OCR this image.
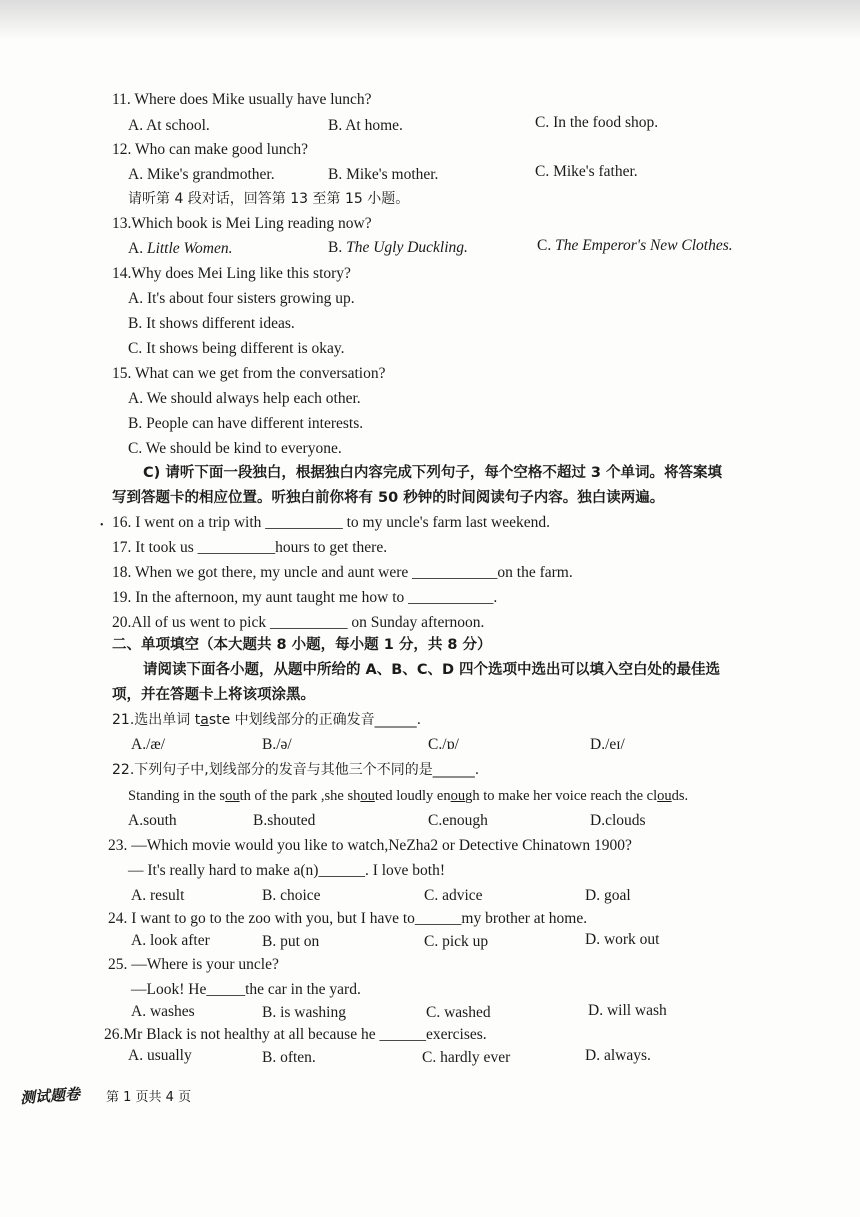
11. Where does Mike usually have lunch?
A. At school.	B. At home.	C. In the food shop.
12. Who can make good lunch?
A. Mike's grandmother.	B. Mike's mother.	C. Mike's father.
请听第 4 段对话，回答第 13 至第 15 小题。
13.Which book is Mei Ling reading now?
A. Little Women.	B. The Ugly Duckling.	C. The Emperor's New Clothes.
14.Why does Mei Ling like this story?
A. It's about four sisters growing up.
B. It shows different ideas.
C. It shows being different is okay.
15. What can we get from the conversation?
A. We should always help each other.
B. People can have different interests.
C. We should be kind to everyone.
C) 请听下面一段独白，根据独白内容完成下列句子，每个空格不超过 3 个单词。将答案填
写到答题卡的相应位置。听独白前你将有 50 秒钟的时间阅读句子内容。独白读两遍。
• 16. I went on a trip with __________ to my uncle's farm last weekend.
17. It took us __________hours to get there.
18. When we got there, my uncle and aunt were ___________on the farm.
19. In the afternoon, my aunt taught me how to ___________.
20.All of us went to pick __________ on Sunday afternoon.
二、单项填空（本大题共 8 小题，每小题 1 分，共 8 分）
请阅读下面各小题，从题中所给的 A、B、C、D 四个选项中选出可以填入空白处的最佳选
项，并在答题卡上将该项涂黑。
21.选出单词 taste 中划线部分的正确发音______.
A./æ/	B./ə/	C./ɒ/	D./eɪ/
22.下列句子中,划线部分的发音与其他三个不同的是______.
Standing in the south of the park ,she shouted loudly enough to make her voice reach the clouds.
A.south	B.shouted	C.enough	D.clouds
23. —Which movie would you like to watch,NeZha2 or Detective Chinatown 1900?
— It's really hard to make a(n)______. I love both!
A. result	B. choice	C. advice	D. goal
24. I want to go to the zoo with you, but I have to______my brother at home.
A. look after	B. put on	C. pick up	D. work out
25. —Where is your uncle?
—Look! He_____the car in the yard.
A. washes	B. is washing	C. washed	D. will wash
26.Mr Black is not healthy at all because he ______exercises.
A. usually	B. often.	C. hardly ever	D. always.
测试题卷 第 1 页共 4 页
